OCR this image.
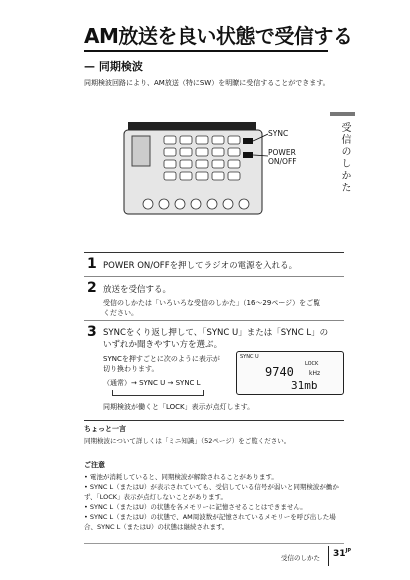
AM放送を良い状態で受信する
— 同期検波
同期検波回路により、AM放送（特にSW）を明瞭に受信することができます。
受信のしかた
SYNC
POWER
ON/OFF
1 POWER ON/OFFを押してラジオの電源を入れる。
2 放送を受信する。
受信のしかたは「いろいろな受信のしかた」（16〜29ページ）をご覧
ください。
3 SYNCをくり返し押して、「SYNC U」または「SYNC L」の
いずれか聞きやすい方を選ぶ。
SYNCを押すごとに次のように表示が
切り換わります。
（通常）→ SYNC U → SYNC L
同期検波が働くと「LOCK」表示が点灯します。
SYNC U
LOCK
9740	kHz
31mb
ちょっと一言
同期検波について詳しくは「ミニ知識」（52ページ）をご覧ください。
ご注意
• 電池が消耗していると、同期検波が解除されることがあります。
• SYNC L（またはU）が表示されていても、受信している信号が弱いと同期検波が働かず、「LOCK」表示が点灯しないことがあります。
• SYNC L（またはU）の状態を各メモリーに記憶させることはできません。
• SYNC L（またはU）の状態で、AM周波数が記憶されているメモリーを呼び出した場合、SYNC L（またはU）の状態は継続されます。
受信のしかた $31^{JP}$
